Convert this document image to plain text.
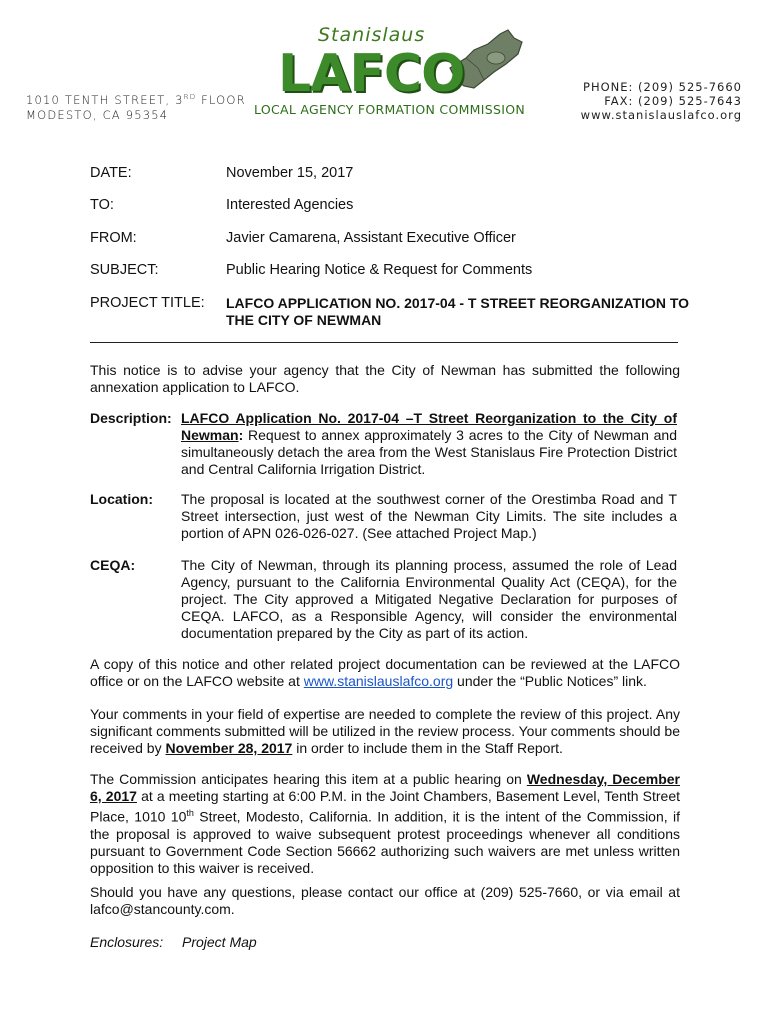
1010 TENTH STREET, 3RD FLOOR
MODESTO, CA 95354
Stanislaus
LAFCO
LOCAL AGENCY FORMATION COMMISSION
PHONE: (209) 525-7660
FAX: (209) 525-7643
www.stanislauslafco.org
DATE:	November 15, 2017
TO:	Interested Agencies
FROM:	Javier Camarena, Assistant Executive Officer
SUBJECT:	Public Hearing Notice & Request for Comments
PROJECT TITLE:	LAFCO APPLICATION NO. 2017-04 - T STREET REORGANIZATION TO THE CITY OF NEWMAN
This notice is to advise your agency that the City of Newman has submitted the following annexation application to LAFCO.
Description: LAFCO Application No. 2017-04 –T Street Reorganization to the City of Newman: Request to annex approximately 3 acres to the City of Newman and simultaneously detach the area from the West Stanislaus Fire Protection District and Central California Irrigation District.
Location: The proposal is located at the southwest corner of the Orestimba Road and T Street intersection, just west of the Newman City Limits. The site includes a portion of APN 026-026-027. (See attached Project Map.)
CEQA:	The City of Newman, through its planning process, assumed the role of Lead Agency, pursuant to the California Environmental Quality Act (CEQA), for the project. The City approved a Mitigated Negative Declaration for purposes of CEQA. LAFCO, as a Responsible Agency, will consider the environmental documentation prepared by the City as part of its action.
A copy of this notice and other related project documentation can be reviewed at the LAFCO office or on the LAFCO website at www.stanislauslafco.org under the “Public Notices” link.
Your comments in your field of expertise are needed to complete the review of this project. Any significant comments submitted will be utilized in the review process. Your comments should be received by November 28, 2017 in order to include them in the Staff Report.
The Commission anticipates hearing this item at a public hearing on Wednesday, December 6, 2017 at a meeting starting at 6:00 P.M. in the Joint Chambers, Basement Level, Tenth Street Place, 1010 10th Street, Modesto, California. In addition, it is the intent of the Commission, if the proposal is approved to waive subsequent protest proceedings whenever all conditions pursuant to Government Code Section 56662 authorizing such waivers are met unless written opposition to this waiver is received.
Should you have any questions, please contact our office at (209) 525-7660, or via email at lafco@stancounty.com.
Enclosures: Project Map
